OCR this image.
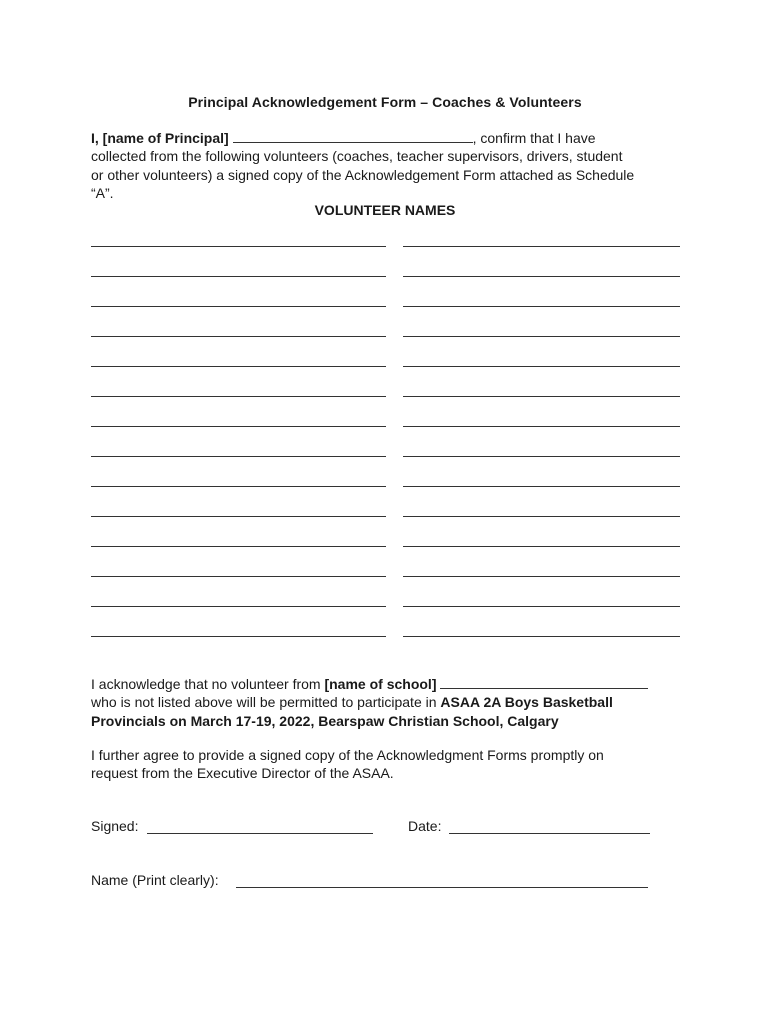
Principal Acknowledgement Form – Coaches & Volunteers
I, [name of Principal]	, confirm that I have
collected from the following volunteers (coaches, teacher supervisors, drivers, student
or other volunteers) a signed copy of the Acknowledgement Form attached as Schedule
“A”.
VOLUNTEER NAMES
I acknowledge that no volunteer from [name of school]
who is not listed above will be permitted to participate in ASAA 2A Boys Basketball
Provincials on March 17-19, 2022, Bearspaw Christian School, Calgary
I further agree to provide a signed copy of the Acknowledgment Forms promptly on
request from the Executive Director of the ASAA.
Signed:	Date:
Name (Print clearly):
